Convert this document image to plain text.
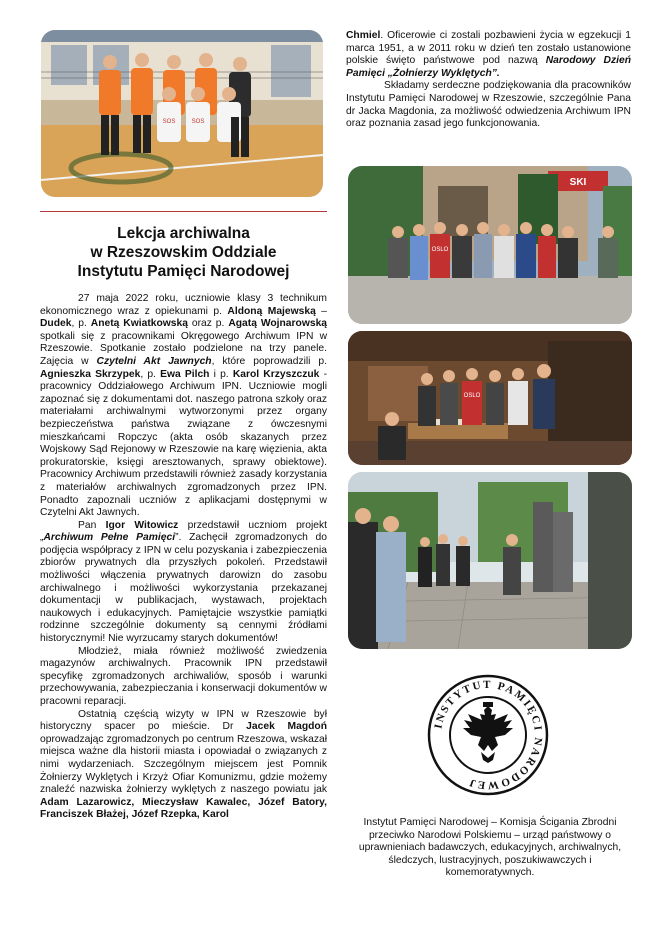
SOS	SOS
Lekcja archiwalna
w Rzeszowskim Oddziale
Instytutu Pamięci Narodowej

27 maja 2022 roku, uczniowie klasy 3 technikum ekonomicznego wraz z opiekunami p. Aldoną Majewską – Dudek, p. Anetą Kwiatkowską oraz p. Agatą Wojnarowską spotkali się z pracownikami Okręgowego Archiwum IPN w Rzeszowie. Spotkanie zostało podzielone na trzy panele. Zajęcia w Czytelni Akt Jawnych, które poprowadzili p. Agnieszka Skrzypek, p. Ewa Pilch i p. Karol Krzyszczuk - pracownicy Oddziałowego Archiwum IPN. Uczniowie mogli zapoznać się z dokumentami dot. naszego patrona szkoły oraz materiałami archiwalnymi wytworzonymi przez organy bezpieczeństwa państwa związane z ówczesnymi mieszkańcami Ropczyc (akta osób skazanych przez Wojskowy Sąd Rejonowy w Rzeszowie na karę więzienia, akta prokuratorskie, księgi aresztowanych, sprawy obiektowe). Pracownicy Archiwum przedstawili również zasady korzystania z materiałów archiwalnych zgromadzonych przez IPN. Ponadto zapoznali uczniów z aplikacjami dostępnymi w Czytelni Akt Jawnych.

Pan Igor Witowicz przedstawił uczniom projekt „Archiwum Pełne Pamięci”. Zachęcił zgromadzonych do podjęcia współpracy z IPN w celu pozyskania i zabezpieczenia zbiorów prywatnych dla przyszłych pokoleń. Przedstawił możliwości włączenia prywatnych darowizn do zasobu archiwalnego i możliwości wykorzystania przekazanej dokumentacji w publikacjach, wystawach, projektach naukowych i edukacyjnych. Pamiętajcie wszystkie pamiątki rodzinne szczególnie dokumenty są cennymi źródłami historycznymi! Nie wyrzucamy starych dokumentów!

Młodzież, miała również możliwość zwiedzenia magazynów archiwalnych. Pracownik IPN przedstawił specyfikę zgromadzonych archiwaliów, sposób i warunki przechowywania, zabezpieczania i konserwacji dokumentów w pracowni reparacji.

Ostatnią częścią wizyty w IPN w Rzeszowie był historyczny spacer po mieście. Dr Jacek Magdoń oprowadzając zgromadzonych po centrum Rzeszowa, wskazał miejsca ważne dla historii miasta i opowiadał o związanych z nimi wydarzeniach. Szczególnym miejscem jest Pomnik Żołnierzy Wyklętych i Krzyż Ofiar Komunizmu, gdzie możemy znaleźć nazwiska żołnierzy wyklętych z naszego powiatu jak Adam Lazarowicz, Mieczysław Kawalec, Józef Batory, Franciszek Błażej, Józef Rzepka, Karol

Chmiel. Oficerowie ci zostali pozbawieni życia w egzekucji 1 marca 1951, a w 2011 roku w dzień ten zostało ustanowione polskie święto państwowe pod nazwą Narodowy Dzień Pamięci „Żołnierzy Wyklętych”.

Składamy serdeczne podziękowania dla pracowników Instytutu Pamięci Narodowej w Rzeszowie, szczególnie Pana dr Jacka Magdonia, za możliwość odwiedzenia Archiwum IPN oraz poznania zasad jego funkcjonowania.

SKI
OSLO
OSLO
INSTYTUT PAMIĘCI NARODOWEJ
Instytut Pamięci Narodowej – Komisja Ścigania Zbrodni przeciwko Narodowi Polskiemu – urząd państwowy o uprawnieniach badawczych, edukacyjnych, archiwalnych, śledczych, lustracyjnych, poszukiwawczych i komemoratywnych.
